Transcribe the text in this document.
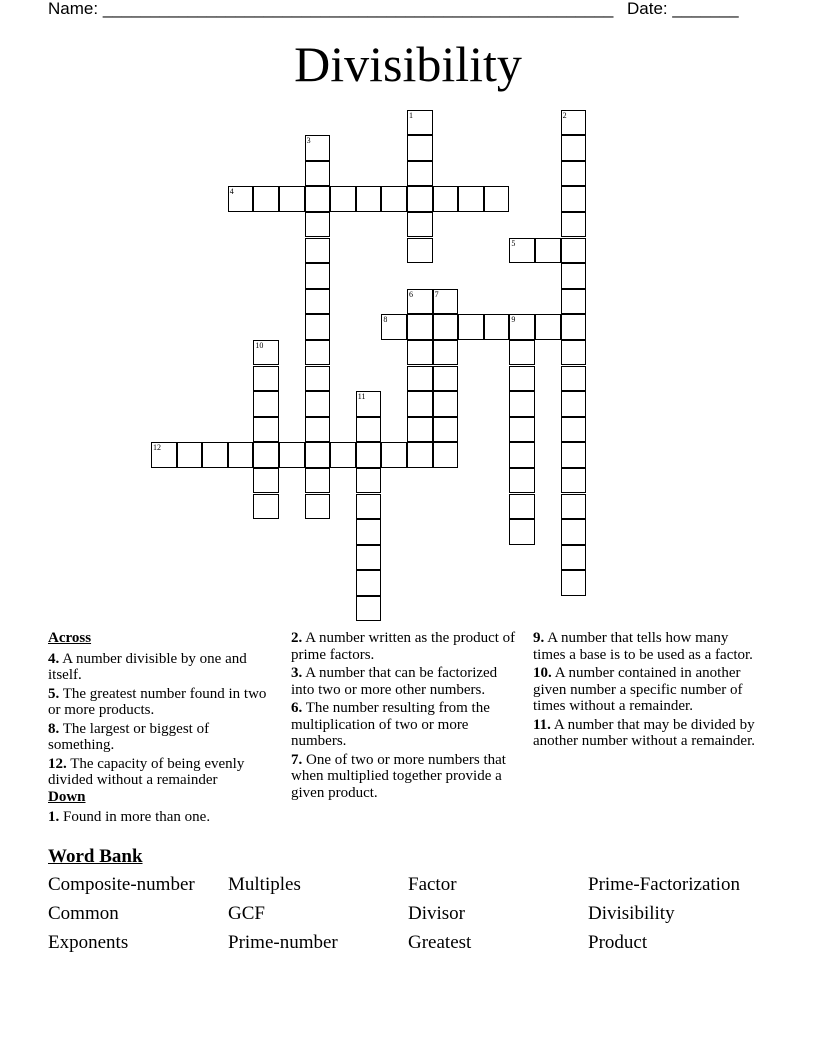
Name: ______________________________________________________ Date: _______
Divisibility
1	2
3
4
5
6	7
8	9
10
11
12
Across
4. A number divisible by one and itself.
5. The greatest number found in two or more products.
8. The largest or biggest of something.
12. The capacity of being evenly divided without a remainder
Down
1. Found in more than one.
2. A number written as the product of prime factors.
3. A number that can be factorized into two or more other numbers.
6. The number resulting from the multiplication of two or more numbers.
7. One of two or more numbers that when multiplied together provide a given product.
9. A number that tells how many times a base is to be used as a factor.
10. A number contained in another given number a specific number of times without a remainder.
11. A number that may be divided by another number without a remainder.
Word Bank
Composite-number	Multiples	Factor	Prime-Factorization
Common	GCF	Divisor	Divisibility
Exponents	Prime-number	Greatest	Product
